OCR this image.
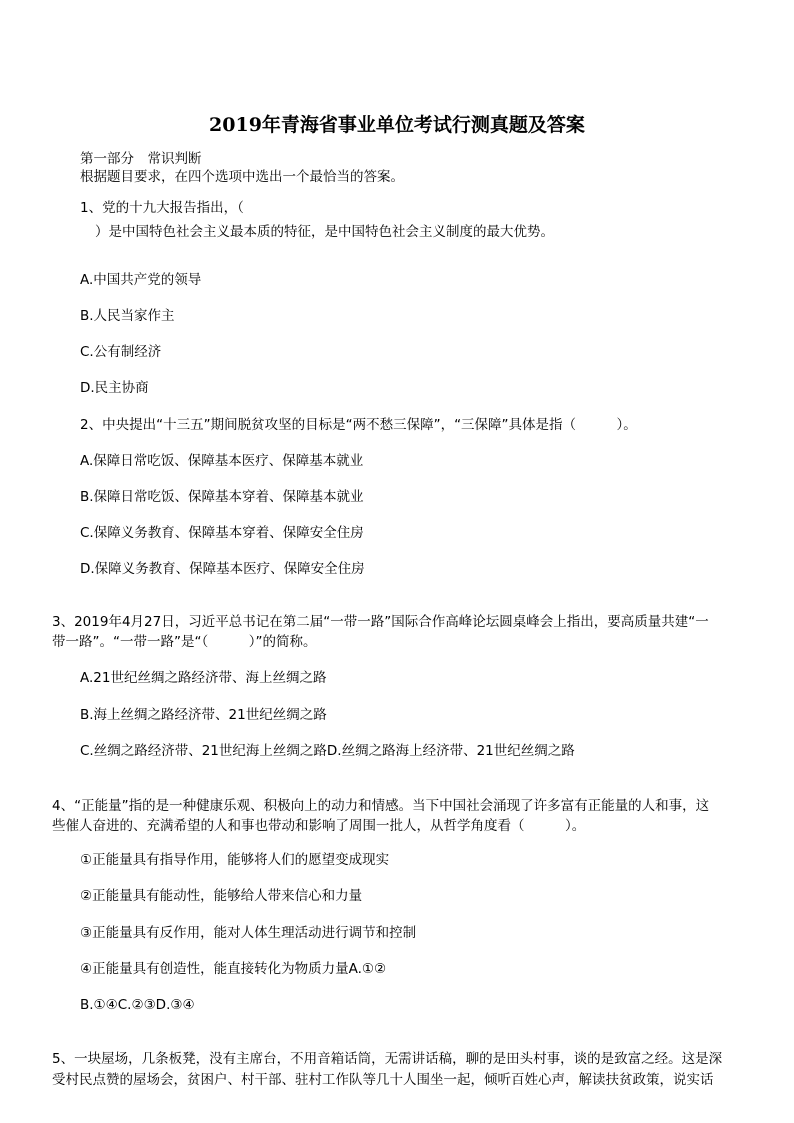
2019年青海省事业单位考试行测真题及答案
第一部分　常识判断
根据题目要求，在四个选项中选出一个最恰当的答案。
1、党的十九大报告指出，（
）是中国特色社会主义最本质的特征，是中国特色社会主义制度的最大优势。
A.中国共产党的领导
B.人民当家作主
C.公有制经济
D.民主协商
2、中央提出“十三五”期间脱贫攻坚的目标是“两不愁三保障”，“三保障”具体是指（　　　）。
A.保障日常吃饭、保障基本医疗、保障基本就业
B.保障日常吃饭、保障基本穿着、保障基本就业
C.保障义务教育、保障基本穿着、保障安全住房
D.保障义务教育、保障基本医疗、保障安全住房
3、2019年4月27日，习近平总书记在第二届“一带一路”国际合作高峰论坛圆桌峰会上指出，要高质量共建“一
带一路”。“一带一路”是“（　　　）”的简称。
A.21世纪丝绸之路经济带、海上丝绸之路
B.海上丝绸之路经济带、21世纪丝绸之路
C.丝绸之路经济带、21世纪海上丝绸之路D.丝绸之路海上经济带、21世纪丝绸之路
4、“正能量”指的是一种健康乐观、积极向上的动力和情感。当下中国社会涌现了许多富有正能量的人和事，这
些催人奋进的、充满希望的人和事也带动和影响了周围一批人，从哲学角度看（　　　）。
①正能量具有指导作用，能够将人们的愿望变成现实
②正能量具有能动性，能够给人带来信心和力量
③正能量具有反作用，能对人体生理活动进行调节和控制
④正能量具有创造性，能直接转化为物质力量A.①②
B.①④C.②③D.③④
5、一块屋场，几条板凳，没有主席台，不用音箱话筒，无需讲话稿，聊的是田头村事，谈的是致富之经。这是深
受村民点赞的屋场会，贫困户、村干部、驻村工作队等几十人围坐一起，倾听百姓心声，解读扶贫政策，说实话
